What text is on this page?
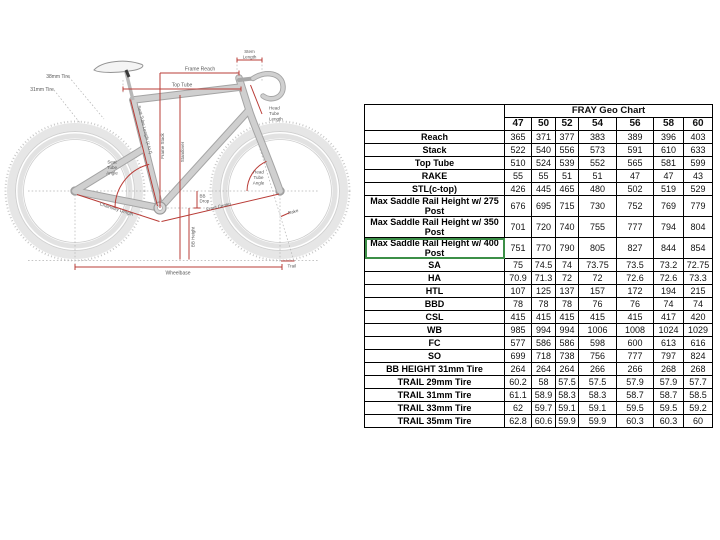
38mm Tire
31mm Tire
Stem
Length
Frame Reach
Top Tube
Head
Tube
Length
Seat Tube Length (c to t) Frame Stack	Standover
Seat
Tube
Angle	Head
Tube
Angle
BB
Drop
BB Height
Chainstay Length	Front Center	Rake
Trail
Wheelbase
	FRAY Geo Chart						
	47	50	52	54	56	58	60
Reach	365	371	377	383	389	396	403
Stack	522	540	556	573	591	610	633
Top Tube	510	524	539	552	565	581	599
RAKE	55	55	51	51	47	47	43
STL(c-top)	426	445	465	480	502	519	529
Max Saddle Rail Height w/ 275 Post	676	695	715	730	752	769	779
Max Saddle Rail Height w/ 350 Post	701	720	740	755	777	794	804
Max Saddle Rail Height w/ 400 Post	751	770	790	805	827	844	854
SA	75	74.5	74	73.75	73.5	73.2	72.75
HA	70.9	71.3	72	72	72.6	72.6	73.3
HTL	107	125	137	157	172	194	215
BBD	78	78	78	76	76	74	74
CSL	415	415	415	415	415	417	420
WB	985	994	994	1006	1008	1024	1029
FC	577	586	586	598	600	613	616
SO	699	718	738	756	777	797	824
BB HEIGHT 31mm Tire	264	264	264	266	266	268	268
TRAIL 29mm Tire	60.2	58	57.5	57.5	57.9	57.9	57.7
TRAIL 31mm Tire	61.1	58.9	58.3	58.3	58.7	58.7	58.5
TRAIL 33mm Tire	62	59.7	59.1	59.1	59.5	59.5	59.2
TRAIL 35mm Tire	62.8	60.6	59.9	59.9	60.3	60.3	60
